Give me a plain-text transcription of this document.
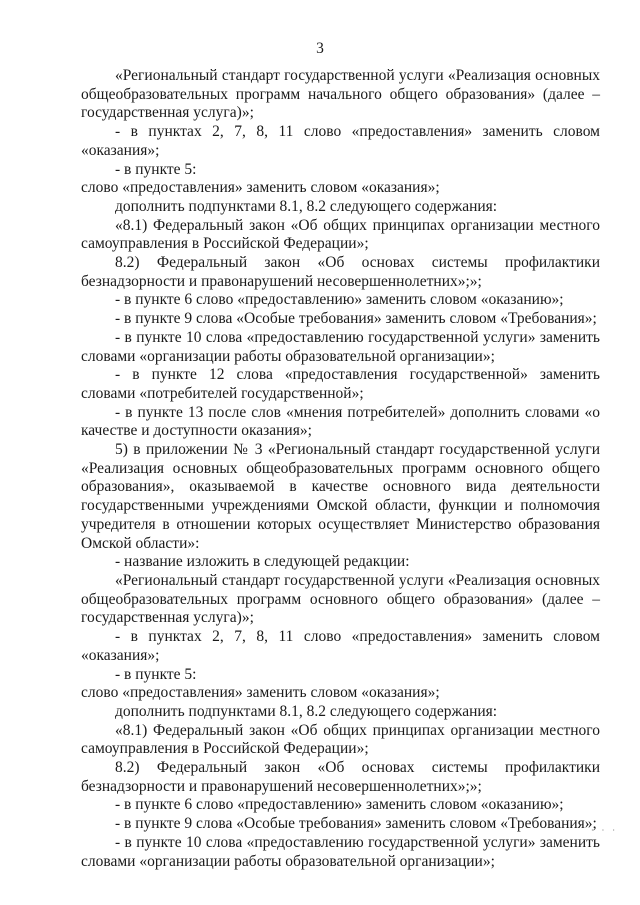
3

«Региональный стандарт государственной услуги «Реализация основных общеобразовательных программ начального общего образования» (далее – государственная услуга)»;

- в пунктах 2, 7, 8, 11 слово «предоставления» заменить словом «оказания»;

- в пункте 5:

слово «предоставления» заменить словом «оказания»;

дополнить подпунктами 8.1, 8.2 следующего содержания:

«8.1) Федеральный закон «Об общих принципах организации местного самоуправления в Российской Федерации»;

8.2) Федеральный закон «Об основах системы профилактики безнадзорности и правонарушений несовершеннолетних»;»;

- в пункте 6 слово «предоставлению» заменить словом «оказанию»;

- в пункте 9 слова «Особые требования» заменить словом «Требования»;

- в пункте 10 слова «предоставлению государственной услуги» заменить словами «организации работы образовательной организации»;

- в пункте 12 слова «предоставления государственной» заменить словами «потребителей государственной»;

- в пункте 13 после слов «мнения потребителей» дополнить словами «о качестве и доступности оказания»;

5) в приложении № 3 «Региональный стандарт государственной услуги «Реализация основных общеобразовательных программ основного общего образования», оказываемой в качестве основного вида деятельности государственными учреждениями Омской области, функции и полномочия учредителя в отношении которых осуществляет Министерство образования Омской области»:

- название изложить в следующей редакции:

«Региональный стандарт государственной услуги «Реализация основных общеобразовательных программ основного общего образования» (далее – государственная услуга)»;

- в пунктах 2, 7, 8, 11 слово «предоставления» заменить словом «оказания»;

- в пункте 5:

слово «предоставления» заменить словом «оказания»;

дополнить подпунктами 8.1, 8.2 следующего содержания:

«8.1) Федеральный закон «Об общих принципах организации местного самоуправления в Российской Федерации»;

8.2) Федеральный закон «Об основах системы профилактики безнадзорности и правонарушений несовершеннолетних»;»;

- в пункте 6 слово «предоставлению» заменить словом «оказанию»;

- в пункте 9 слова «Особые требования» заменить словом «Требования»;

- в пункте 10 слова «предоставлению государственной услуги» заменить словами «организации работы образовательной организации»;

· · ·
